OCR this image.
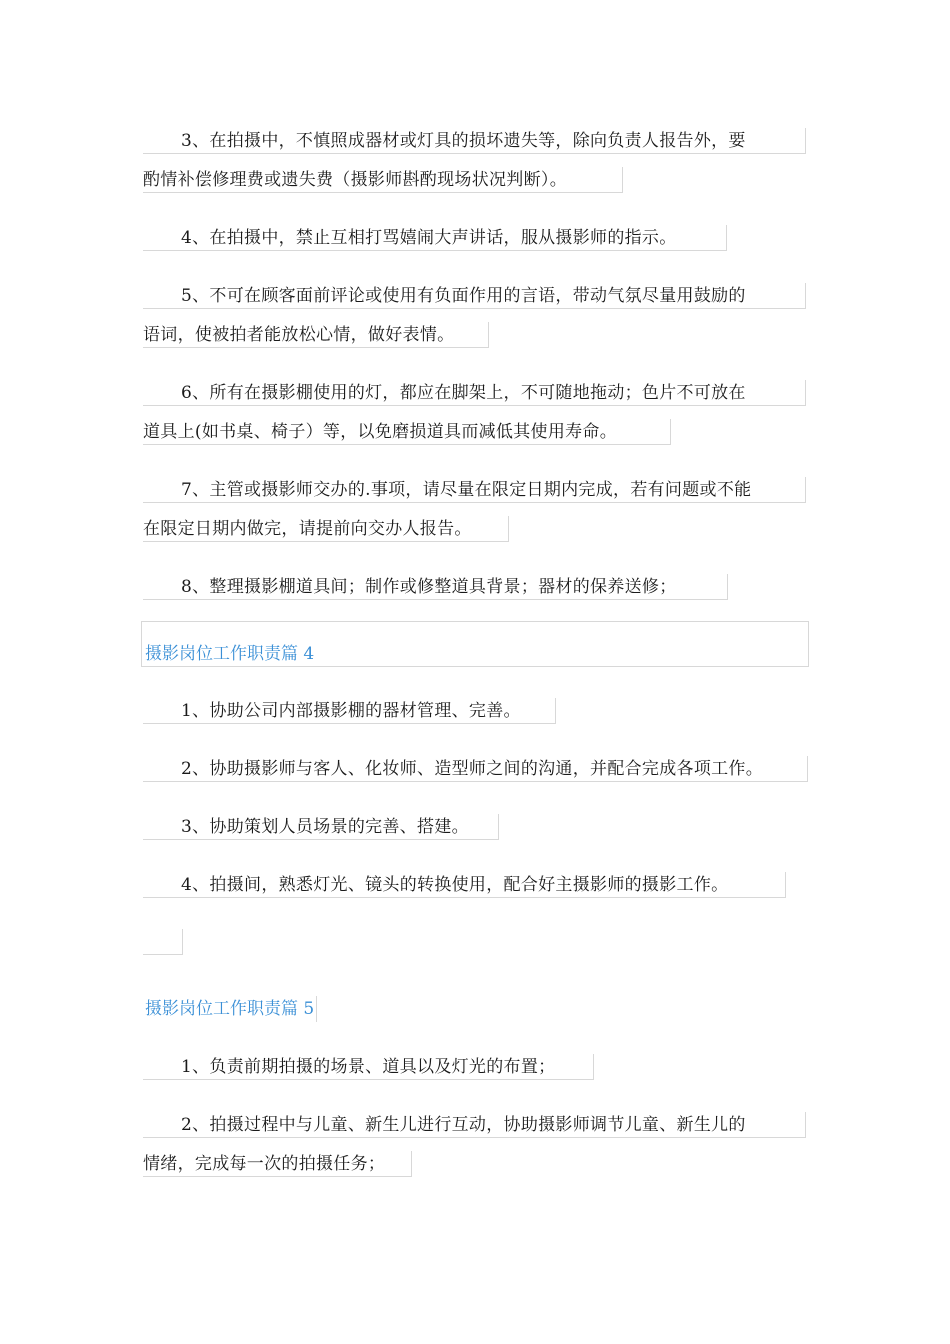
3、在拍摄中，不慎照成器材或灯具的损坏遗失等，除向负责人报告外，要
酌情补偿修理费或遗失费（摄影师斟酌现场状况判断）。
4、在拍摄中，禁止互相打骂嬉闹大声讲话，服从摄影师的指示。
5、不可在顾客面前评论或使用有负面作用的言语，带动气氛尽量用鼓励的
语词，使被拍者能放松心情，做好表情。
6、所有在摄影棚使用的灯，都应在脚架上，不可随地拖动；色片不可放在
道具上(如书桌、椅子）等，以免磨损道具而减低其使用寿命。
7、主管或摄影师交办的.事项，请尽量在限定日期内完成，若有问题或不能
在限定日期内做完，请提前向交办人报告。
8、整理摄影棚道具间；制作或修整道具背景；器材的保养送修；
摄影岗位工作职责篇 4
1、协助公司内部摄影棚的器材管理、完善。
2、协助摄影师与客人、化妆师、造型师之间的沟通，并配合完成各项工作。
3、协助策划人员场景的完善、搭建。
4、拍摄间，熟悉灯光、镜头的转换使用，配合好主摄影师的摄影工作。
摄影岗位工作职责篇 5
1、负责前期拍摄的场景、道具以及灯光的布置；
2、拍摄过程中与儿童、新生儿进行互动，协助摄影师调节儿童、新生儿的
情绪，完成每一次的拍摄任务；
